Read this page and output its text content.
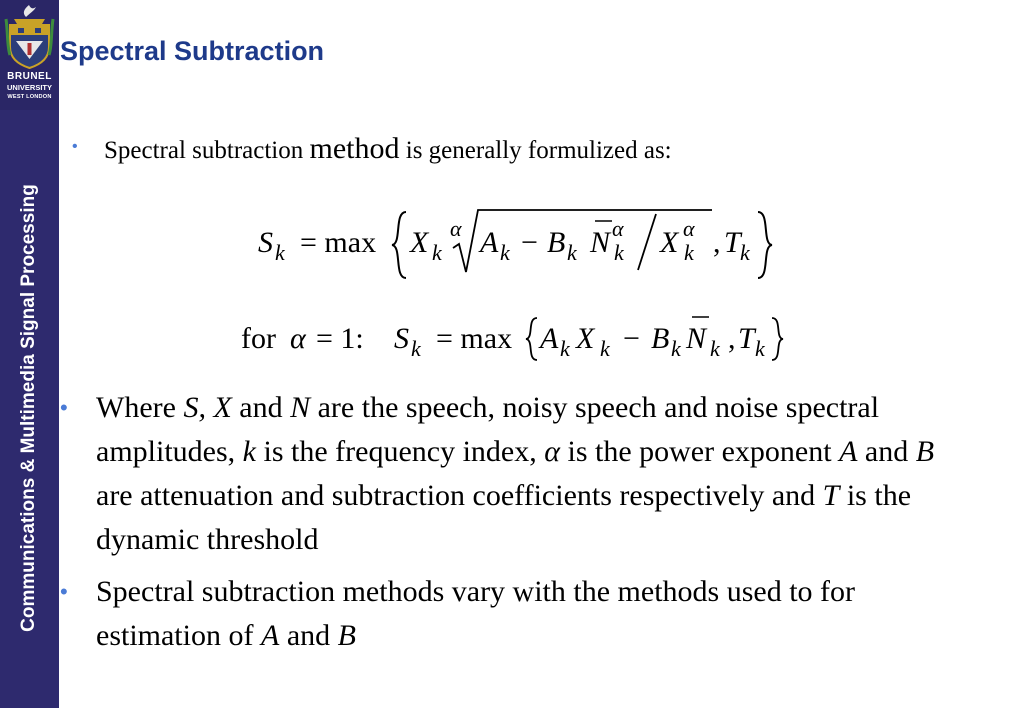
BRUNEL
UNIVERSITY
WEST LONDON
Communications & Multimedia Signal Processing
Spectral Subtraction
• Spectral subtraction method is generally formulized as:
S k = max X k
α A k − B k N α
k X α
k , T k
for α = 1: S k = max A k X k − B k N k , T k
• Where S, X and N are the speech, noisy speech and noise spectral amplitudes, k is the frequency index, α is the power exponent A and B are attenuation and subtraction coefficients respectively and T is the dynamic threshold
• Spectral subtraction methods vary with the methods used to for estimation of A and B
